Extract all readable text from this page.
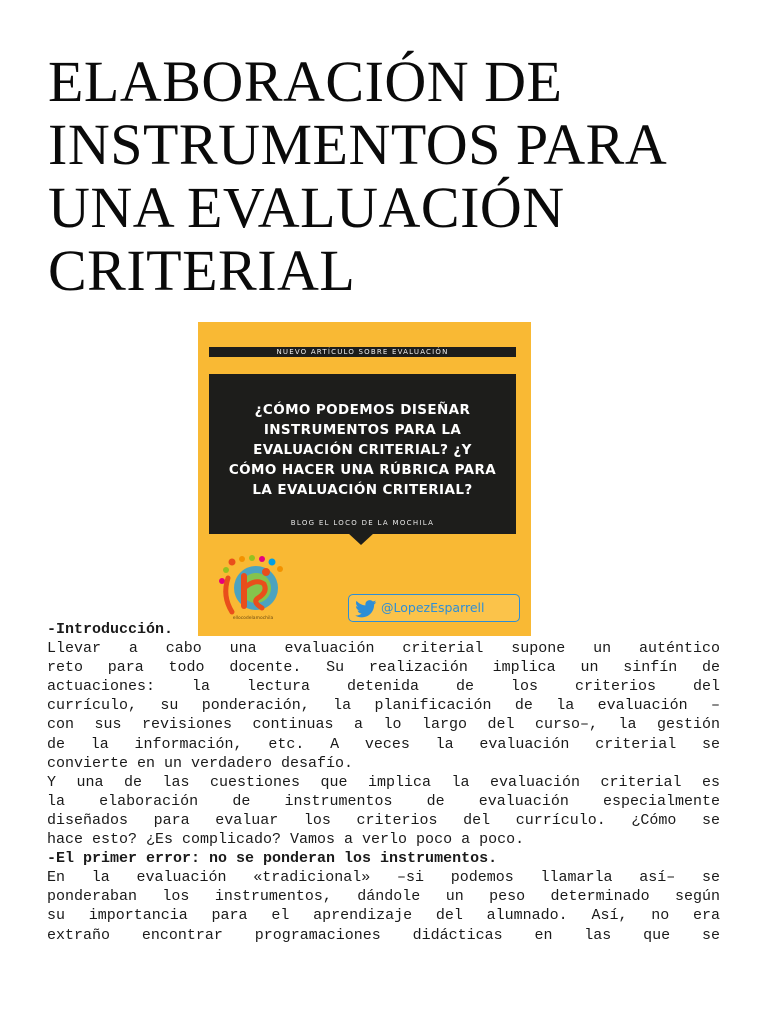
ELABORACIÓN DE
INSTRUMENTOS PARA
UNA EVALUACIÓN
CRITERIAL
NUEVO ARTÍCULO SOBRE EVALUACIÓN
¿CÓMO PODEMOS DISEÑAR
INSTRUMENTOS PARA LA
EVALUACIÓN CRITERIAL? ¿Y
CÓMO HACER UNA RÚBRICA PARA
LA EVALUACIÓN CRITERIAL?
BLOG EL LOCO DE LA MOCHILA
ellocodelamochila
@LopezEsparrell
-Introducción.
Llevar a cabo una evaluación criterial supone un auténtico
reto para todo docente. Su realización implica un sinfín de
actuaciones: la lectura detenida de los criterios del
currículo, su ponderación, la planificación de la evaluación –
con sus revisiones continuas a lo largo del curso–, la gestión
de la información, etc. A veces la evaluación criterial se
convierte en un verdadero desafío.
Y una de las cuestiones que implica la evaluación criterial es
la elaboración de instrumentos de evaluación especialmente
diseñados para evaluar los criterios del currículo. ¿Cómo se
hace esto? ¿Es complicado? Vamos a verlo poco a poco.
-El primer error: no se ponderan los instrumentos.
En la evaluación «tradicional» –si podemos llamarla así– se
ponderaban los instrumentos, dándole un peso determinado según
su importancia para el aprendizaje del alumnado. Así, no era
extraño encontrar programaciones didácticas en las que se
